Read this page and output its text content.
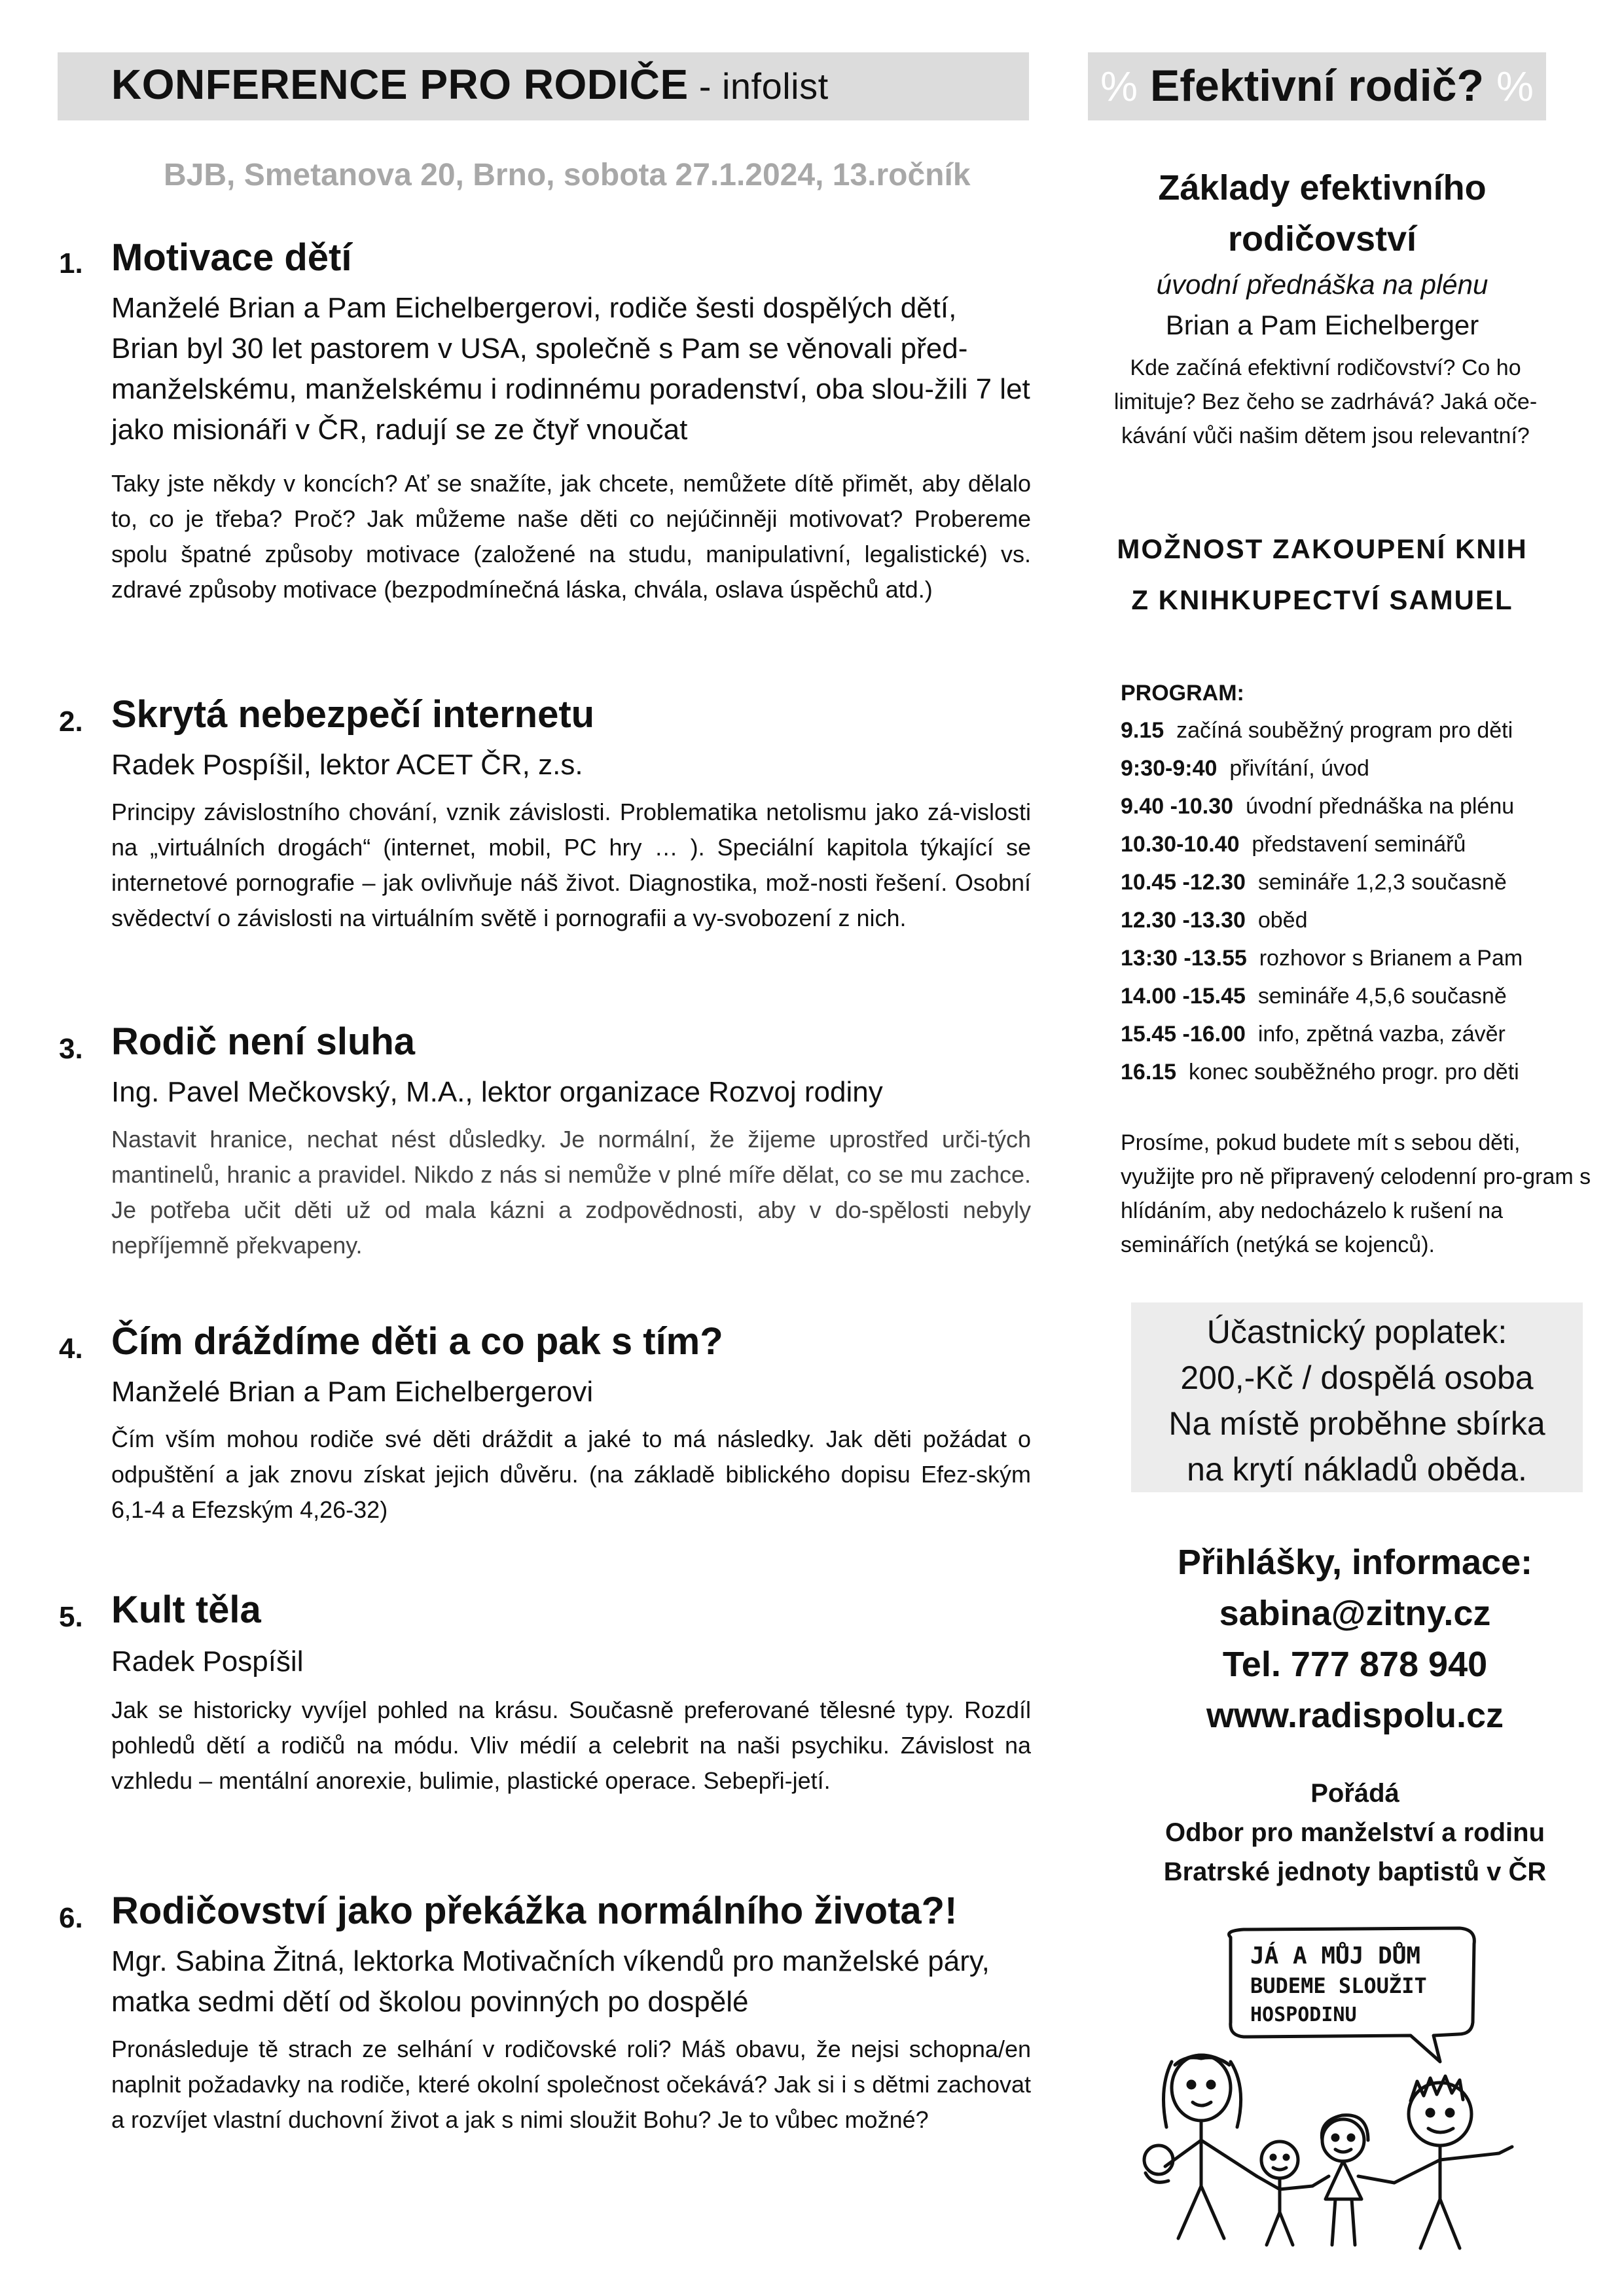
KONFERENCE PRO RODIČE - infolist
BJB, Smetanova 20, Brno, sobota 27.1.2024, 13.ročník
% Efektivní rodič? %
1. Motivace dětí
Manželé Brian a Pam Eichelbergerovi, rodiče šesti dospělých dětí, Brian byl 30 let pastorem v USA, společně s Pam se věnovali před-manželskému, manželskému i rodinnému poradenství, oba slou-žili 7 let jako misionáři v ČR, radují se ze čtyř vnoučat
Taky jste někdy v koncích? Ať se snažíte, jak chcete, nemůžete dítě přimět, aby dělalo to, co je třeba? Proč? Jak můžeme naše děti co nejúčinněji motivovat? Probereme spolu špatné způsoby motivace (založené na studu, manipulativní, legalistické) vs. zdravé způsoby motivace (bezpodmínečná láska, chvála, oslava úspěchů atd.)
2. Skrytá nebezpečí internetu
Radek Pospíšil, lektor ACET ČR, z.s.
Principy závislostního chování, vznik závislosti. Problematika netolismu jako zá-vislosti na „virtuálních drogách“ (internet, mobil, PC hry … ). Speciální kapitola týkající se internetové pornografie – jak ovlivňuje náš život. Diagnostika, mož-nosti řešení. Osobní svědectví o závislosti na virtuálním světě i pornografii a vy-svobození z nich.
3. Rodič není sluha
Ing. Pavel Mečkovský, M.A., lektor organizace Rozvoj rodiny
Nastavit hranice, nechat nést důsledky. Je normální, že žijeme uprostřed urči-tých mantinelů, hranic a pravidel. Nikdo z nás si nemůže v plné míře dělat, co se mu zachce. Je potřeba učit děti už od mala kázni a zodpovědnosti, aby v do-spělosti nebyly nepříjemně překvapeny.
4. Čím dráždíme děti a co pak s tím?
Manželé Brian a Pam Eichelbergerovi
Čím vším mohou rodiče své děti dráždit a jaké to má následky. Jak děti požádat o odpuštění a jak znovu získat jejich důvěru. (na základě biblického dopisu Efez-ským 6,1-4 a Efezským 4,26-32)
5. Kult těla
Radek Pospíšil
Jak se historicky vyvíjel pohled na krásu. Současně preferované tělesné typy. Rozdíl pohledů dětí a rodičů na módu. Vliv médií a celebrit na naši psychiku. Závislost na vzhledu – mentální anorexie, bulimie, plastické operace. Sebepři-jetí.
6. Rodičovství jako překážka normálního života?!
Mgr. Sabina Žitná, lektorka Motivačních víkendů pro manželské páry, matka sedmi dětí od školou povinných po dospělé
Pronásleduje tě strach ze selhání v rodičovské roli? Máš obavu, že nejsi schopna/en naplnit požadavky na rodiče, které okolní společnost očekává? Jak si i s dětmi zachovat a rozvíjet vlastní duchovní život a jak s nimi sloužit Bohu? Je to vůbec možné?
Základy efektivního
rodičovství
úvodní přednáška na plénu
Brian a Pam Eichelberger
Kde začíná efektivní rodičovství? Co ho limituje? Bez čeho se zadrhává? Jaká oče-kávání vůči našim dětem jsou relevantní?
MOŽNOST ZAKOUPENÍ KNIH
Z KNIHKUPECTVÍ SAMUEL
PROGRAM:
9.15 začíná souběžný program pro děti
9:30-9:40 přivítání, úvod
9.40 -10.30 úvodní přednáška na plénu
10.30-10.40 představení seminářů
10.45 -12.30 semináře 1,2,3 současně
12.30 -13.30 oběd
13:30 -13.55 rozhovor s Brianem a Pam
14.00 -15.45 semináře 4,5,6 současně
15.45 -16.00 info, zpětná vazba, závěr
16.15 konec souběžného progr. pro děti
Prosíme, pokud budete mít s sebou děti, využijte pro ně připravený celodenní pro-gram s hlídáním, aby nedocházelo k rušení na seminářích (netýká se kojenců).
Účastnický poplatek:
200,-Kč / dospělá osoba
Na místě proběhne sbírka
na krytí nákladů oběda.
Přihlášky, informace:
sabina@zitny.cz
Tel. 777 878 940
www.radispolu.cz
Pořádá
Odbor pro manželství a rodinu
Bratrské jednoty baptistů v ČR
JÁ A MŮJ DŮM
BUDEME SLOUŽIT
HOSPODINU
